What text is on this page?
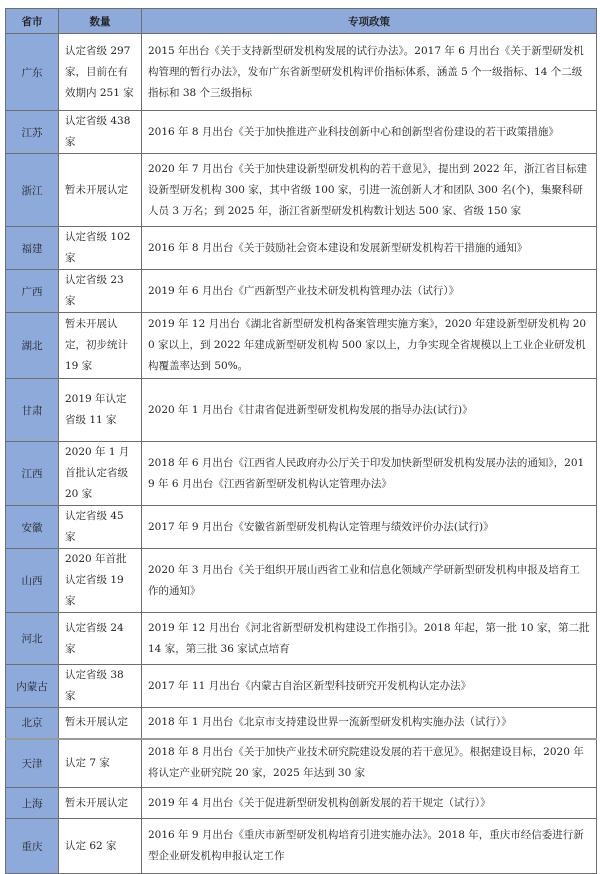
省市	数量	专项政策
广东	认定省级 297 家，目前在有效期内 251 家	2015 年出台《关于支持新型研发机构发展的试行办法》。2017 年 6 月出台《关于新型研发机构管理的暂行办法》，发布广东省新型研发机构评价指标体系，涵盖 5 个一级指标、14 个二级指标和 38 个三级指标
江苏	认定省级 438 家	2016 年 8 月出台《关于加快推进产业科技创新中心和创新型省份建设的若干政策措施》
浙江	暂未开展认定	2020 年 7 月出台《关于加快建设新型研发机构的若干意见》，提出到 2022 年，浙江省目标建设新型研发机构 300 家，其中省级 100 家，引进一流创新人才和团队 300 名(个)，集聚科研人员 3 万名；到 2025 年，浙江省新型研发机构数计划达 500 家、省级 150 家
福建	认定省级 102 家	2016 年 8 月出台《关于鼓励社会资本建设和发展新型研发机构若干措施的通知》
广西	认定省级 23 家	2019 年 6 月出台《广西新型产业技术研发机构管理办法（试行）》
湖北	暂未开展认定，初步统计 19 家	2019 年 12 月出台《湖北省新型研发机构备案管理实施方案》，2020 年建设新型研发机构 200 家以上，到 2022 年建成新型研发机构 500 家以上，力争实现全省规模以上工业企业研发机构覆盖率达到 50%。
甘肃	2019 年认定省级 11 家	2020 年 1 月出台《甘肃省促进新型研发机构发展的指导办法(试行)》
江西	2020 年 1 月首批认定省级 20 家	2018 年 6 月出台《江西省人民政府办公厅关于印发加快新型研发机构发展办法的通知》，2019 年 6 月出台《江西省新型研发机构认定管理办法》
安徽	认定省级 45 家	2017 年 9 月出台《安徽省新型研发机构认定管理与绩效评价办法(试行)》
山西	2020 年首批认定省级 19 家	2020 年 3 月出台《关于组织开展山西省工业和信息化领域产学研新型研发机构申报及培育工作的通知》
河北	认定省级 24 家	2019 年 12 月出台《河北省新型研发机构建设工作指引》。2018 年起，第一批 10 家，第二批 14 家，第三批 36 家试点培育
内蒙古	认定省级 38 家	2017 年 11 月出台《内蒙古自治区新型科技研究开发机构认定办法》
北京	暂未开展认定	2018 年 1 月出台《北京市支持建设世界一流新型研发机构实施办法（试行）》
天津	认定 7 家	2018 年 8 月出台《关于加快产业技术研究院建设发展的若干意见》。根据建设目标，2020 年将认定产业研究院 20 家，2025 年达到 30 家
上海	暂未开展认定	2019 年 4 月出台《关于促进新型研发机构创新发展的若干规定（试行）》
重庆	认定 62 家	2016 年 9 月出台《重庆市新型研发机构培育引进实施办法》。2018 年，重庆市经信委进行新型企业研发机构申报认定工作
